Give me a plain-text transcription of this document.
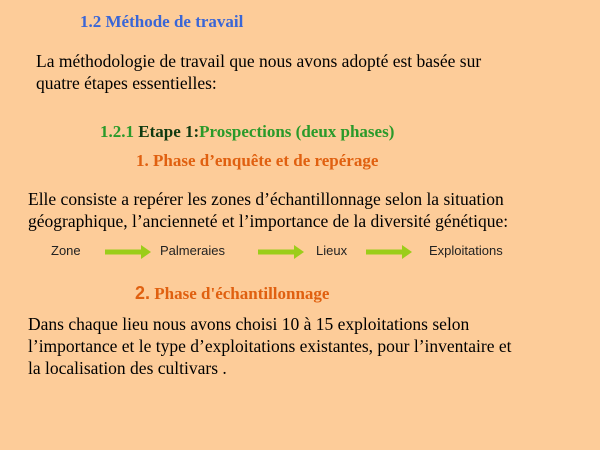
1.2 Méthode de travail
La méthodologie de travail que nous avons adopté est basée sur
quatre étapes essentielles:
1.2.1 Etape 1:Prospections (deux phases)
1. Phase d’enquête et de repérage
Elle consiste a repérer les zones d’échantillonnage selon la situation
géographique, l’ancienneté et l’importance de la diversité génétique:
Zone	Palmeraies	Lieux	Exploitations
2. Phase d'échantillonnage
Dans chaque lieu nous avons choisi 10 à 15 exploitations selon
l’importance et le type d’exploitations existantes, pour l’inventaire et
la localisation des cultivars .
